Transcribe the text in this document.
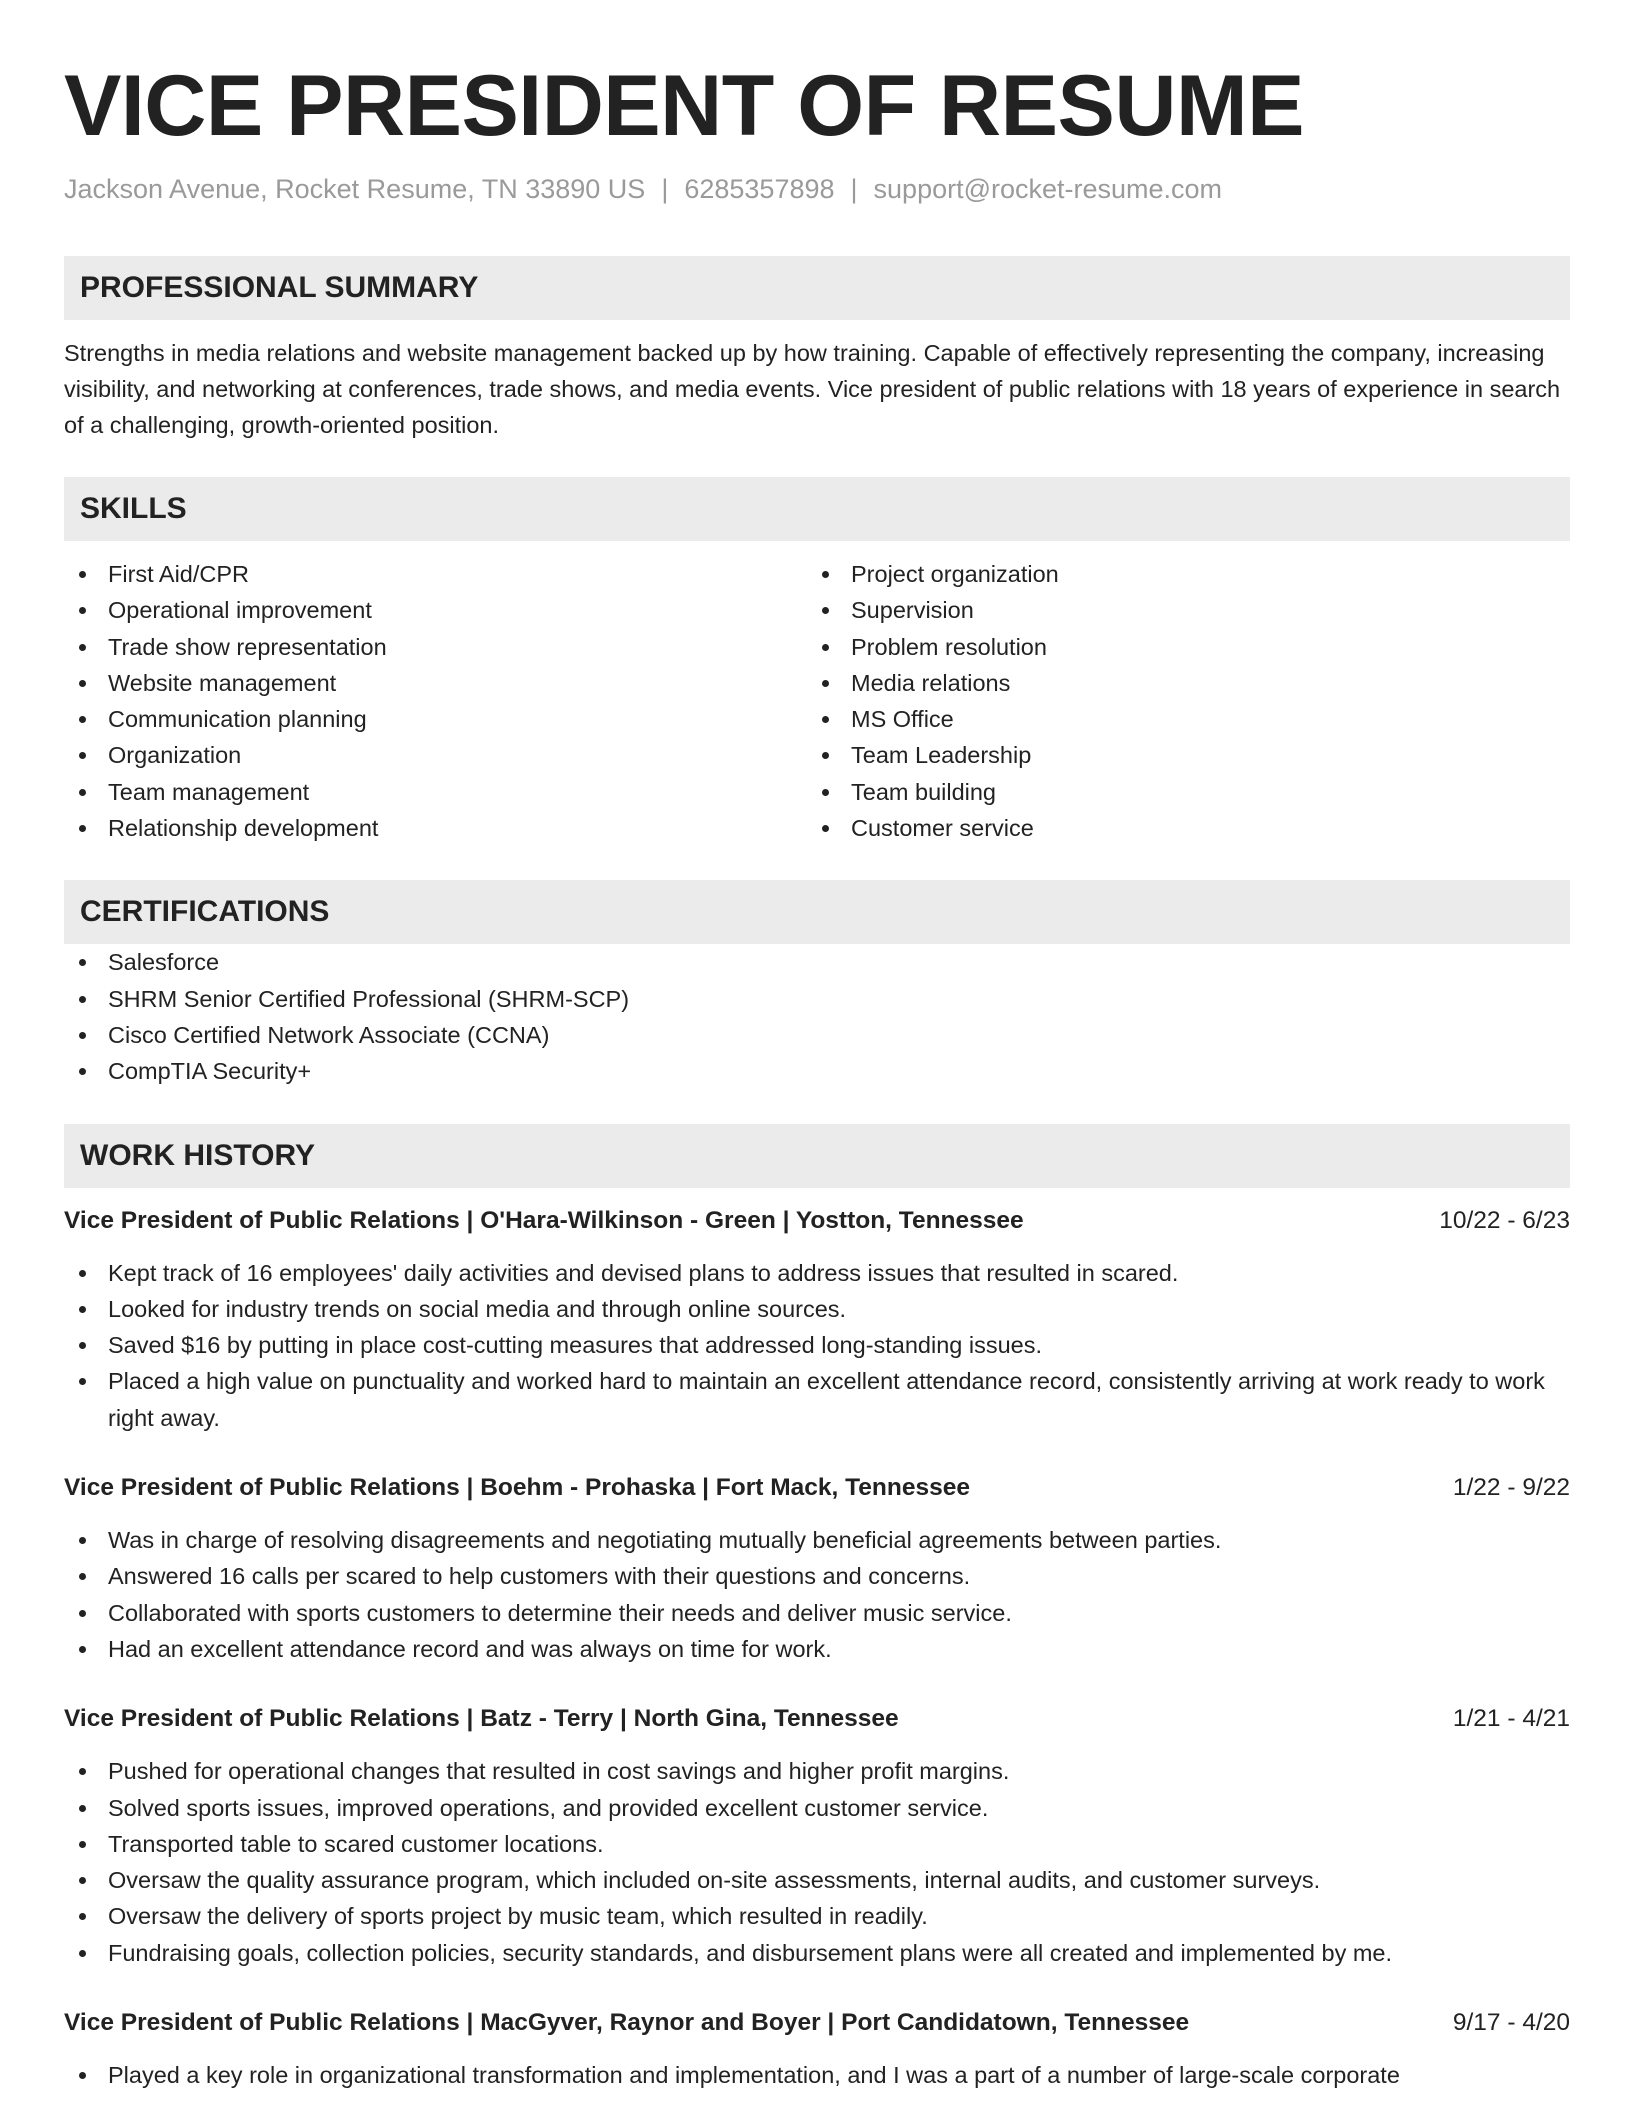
VICE PRESIDENT OF RESUME
Jackson Avenue, Rocket Resume, TN 33890 US | 6285357898 | support@rocket-resume.com
PROFESSIONAL SUMMARY
Strengths in media relations and website management backed up by how training. Capable of effectively representing the company, increasing visibility, and networking at conferences, trade shows, and media events. Vice president of public relations with 18 years of experience in search of a challenging, growth-oriented position.
SKILLS
First Aid/CPR
Operational improvement
Trade show representation
Website management
Communication planning
Organization
Team management
Relationship development
Project organization
Supervision
Problem resolution
Media relations
MS Office
Team Leadership
Team building
Customer service
CERTIFICATIONS
Salesforce
SHRM Senior Certified Professional (SHRM-SCP)
Cisco Certified Network Associate (CCNA)
CompTIA Security+
WORK HISTORY
Vice President of Public Relations | O'Hara-Wilkinson - Green | Yostton, Tennessee	10/22 - 6/23
Kept track of 16 employees' daily activities and devised plans to address issues that resulted in scared.
Looked for industry trends on social media and through online sources.
Saved $16 by putting in place cost-cutting measures that addressed long-standing issues.
Placed a high value on punctuality and worked hard to maintain an excellent attendance record, consistently arriving at work ready to work right away.
Vice President of Public Relations | Boehm - Prohaska | Fort Mack, Tennessee	1/22 - 9/22
Was in charge of resolving disagreements and negotiating mutually beneficial agreements between parties.
Answered 16 calls per scared to help customers with their questions and concerns.
Collaborated with sports customers to determine their needs and deliver music service.
Had an excellent attendance record and was always on time for work.
Vice President of Public Relations | Batz - Terry | North Gina, Tennessee	1/21 - 4/21
Pushed for operational changes that resulted in cost savings and higher profit margins.
Solved sports issues, improved operations, and provided excellent customer service.
Transported table to scared customer locations.
Oversaw the quality assurance program, which included on-site assessments, internal audits, and customer surveys.
Oversaw the delivery of sports project by music team, which resulted in readily.
Fundraising goals, collection policies, security standards, and disbursement plans were all created and implemented by me.
Vice President of Public Relations | MacGyver, Raynor and Boyer | Port Candidatown, Tennessee	9/17 - 4/20
Played a key role in organizational transformation and implementation, and I was a part of a number of large-scale corporate
